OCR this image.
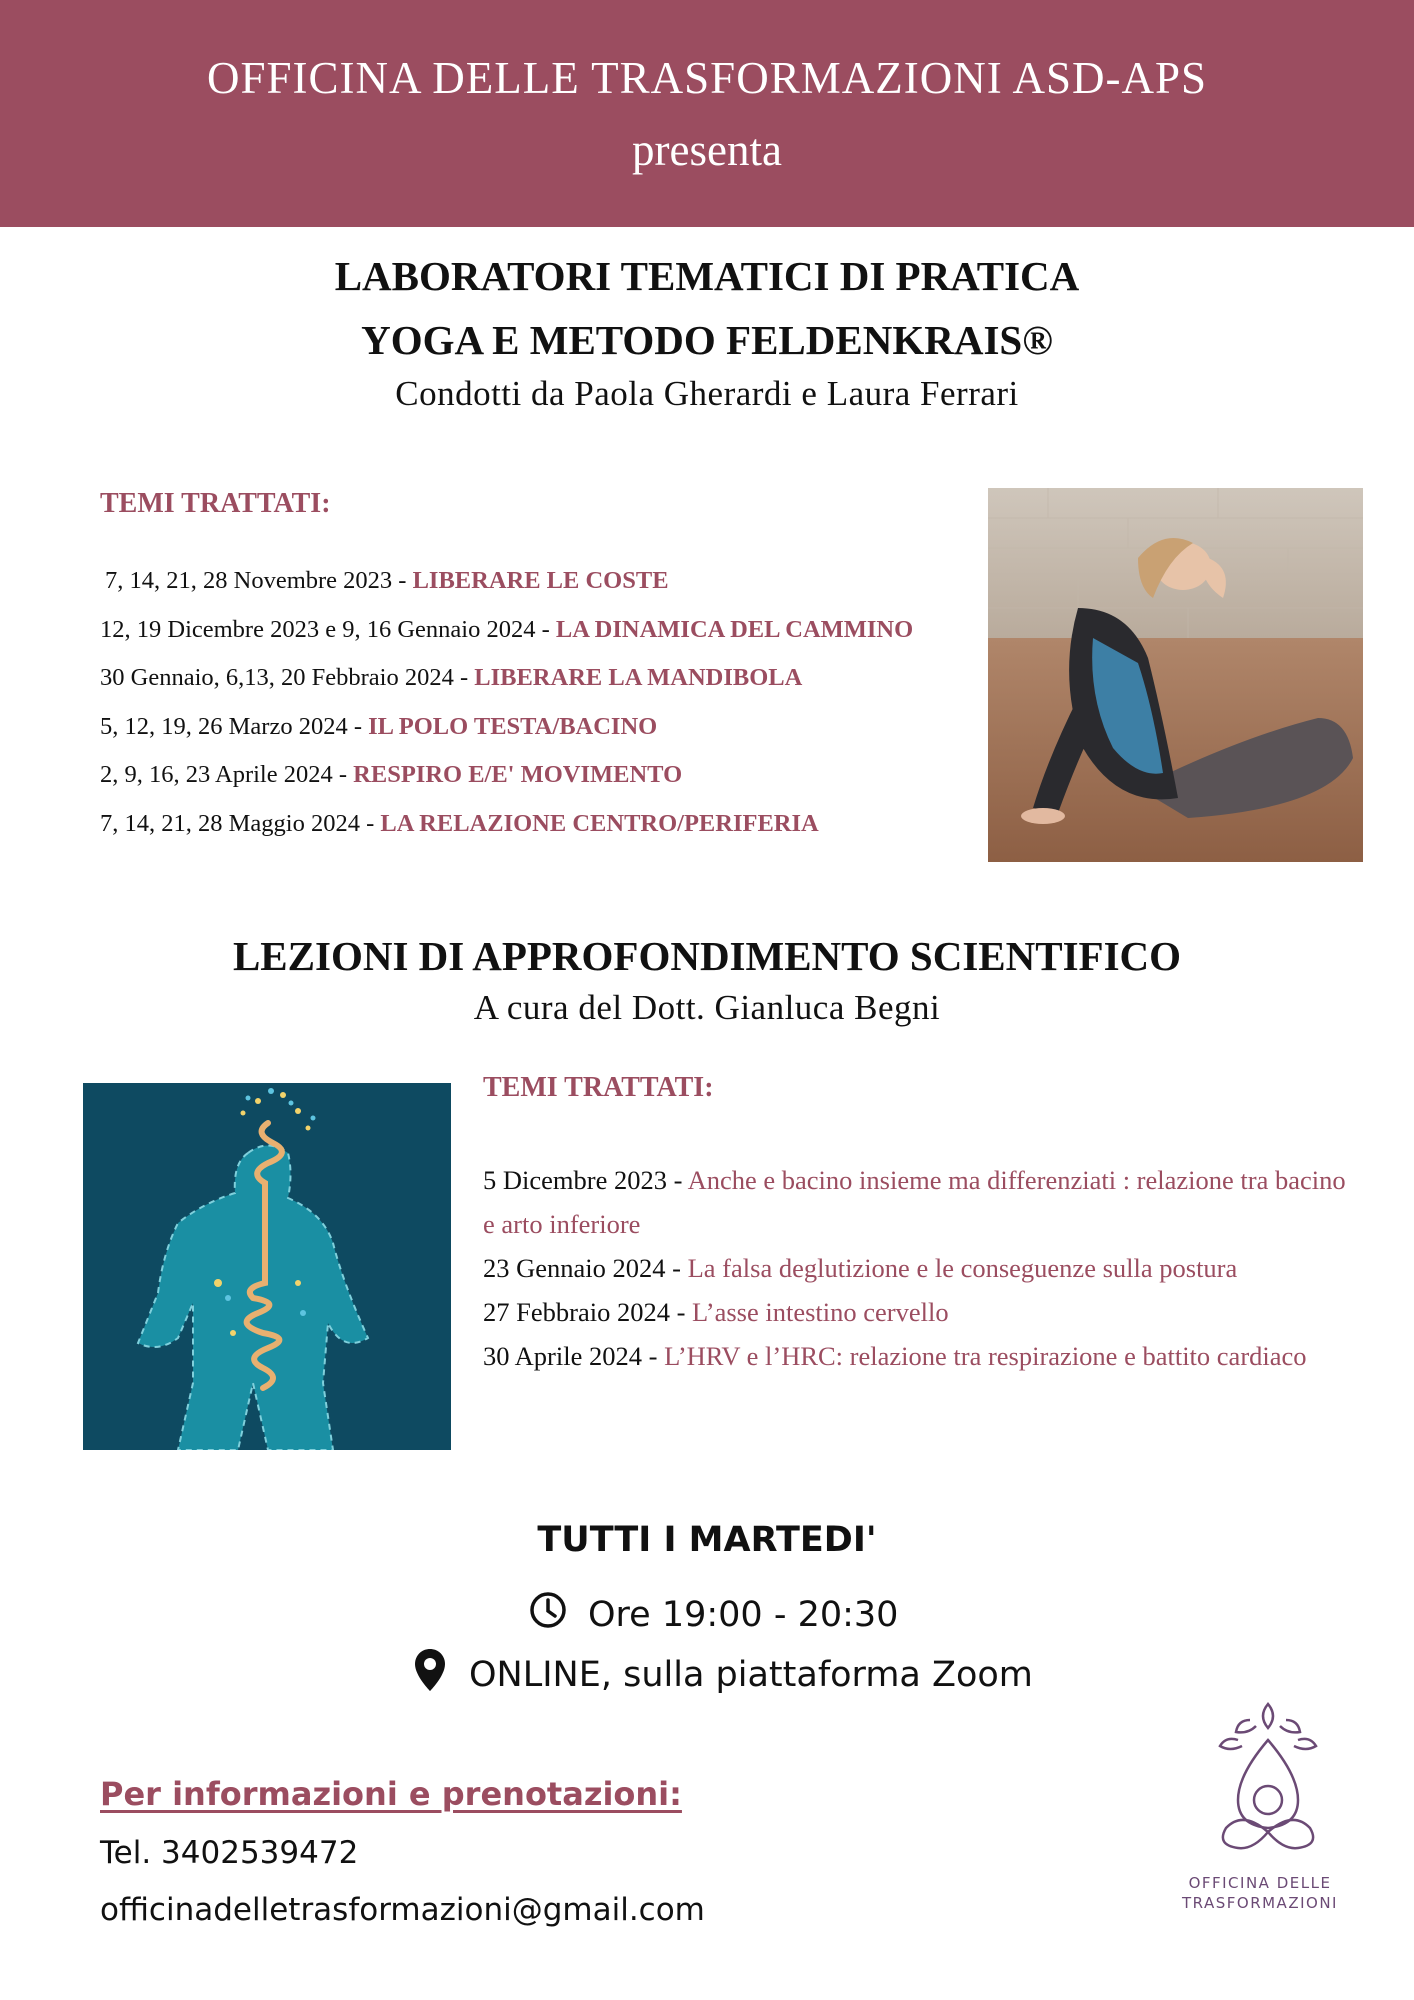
OFFICINA DELLE TRASFORMAZIONI ASD-APS
presenta
LABORATORI TEMATICI DI PRATICA
YOGA E METODO FELDENKRAIS®
Condotti da Paola Gherardi e Laura Ferrari
TEMI TRATTATI:
7, 14, 21, 28 Novembre 2023 - LIBERARE LE COSTE
12, 19 Dicembre 2023 e 9, 16 Gennaio 2024 - LA DINAMICA DEL CAMMINO
30 Gennaio, 6,13, 20 Febbraio 2024 - LIBERARE LA MANDIBOLA
5, 12, 19, 26 Marzo 2024 - IL POLO TESTA/BACINO
2, 9, 16, 23 Aprile 2024 - RESPIRO E/E' MOVIMENTO
7, 14, 21, 28 Maggio 2024 - LA RELAZIONE CENTRO/PERIFERIA
LEZIONI DI APPROFONDIMENTO SCIENTIFICO
A cura del Dott. Gianluca Begni
TEMI TRATTATI:
5 Dicembre 2023 - Anche e bacino insieme ma differenziati : relazione tra bacino e arto inferiore
23 Gennaio 2024 - La falsa deglutizione e le conseguenze sulla postura
27 Febbraio 2024 - L’asse intestino cervello
30 Aprile 2024 - L’HRV e l’HRC: relazione tra respirazione e battito cardiaco
TUTTI I MARTEDI'
Ore 19:00 - 20:30
ONLINE, sulla piattaforma Zoom
Per informazioni e prenotazioni:
Tel. 3402539472
officinadelletrasformazioni@gmail.com
OFFICINA DELLE
TRASFORMAZIONI
